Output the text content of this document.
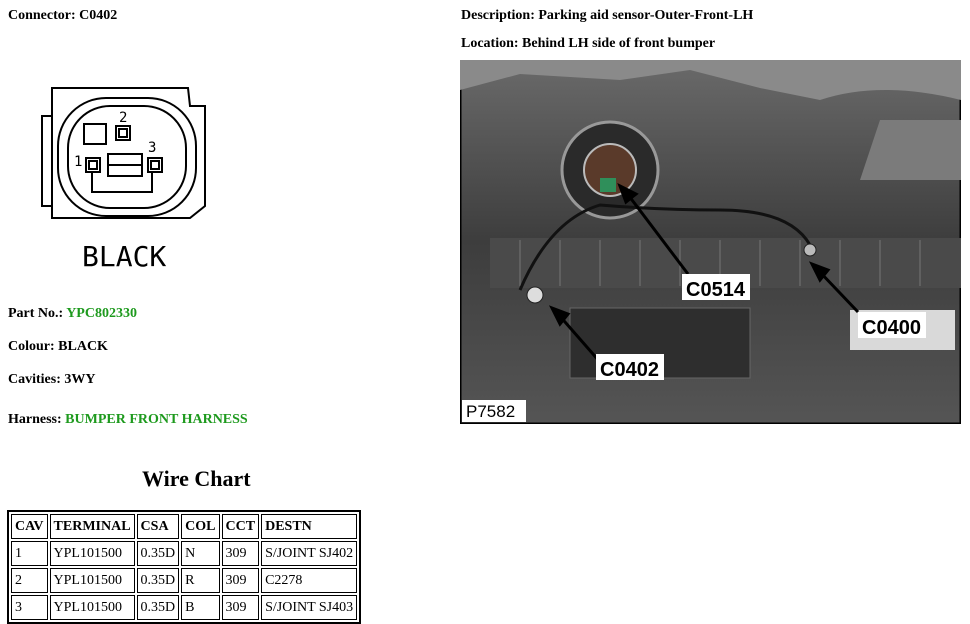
Connector: C0402
2
1
3
BLACK
Part No.: YPC802330
Colour: BLACK
Cavities: 3WY
Harness: BUMPER FRONT HARNESS
Description: Parking aid sensor-Outer-Front-LH
Location: Behind LH side of front bumper
C0514
C0400
C0402
P7582
Wire Chart
CAV	TERMINAL	CSA	COL	CCT	DESTN
1	YPL101500	0.35D	N	309	S/JOINT SJ402
2	YPL101500	0.35D	R	309	C2278
3	YPL101500	0.35D	B	309	S/JOINT SJ403
